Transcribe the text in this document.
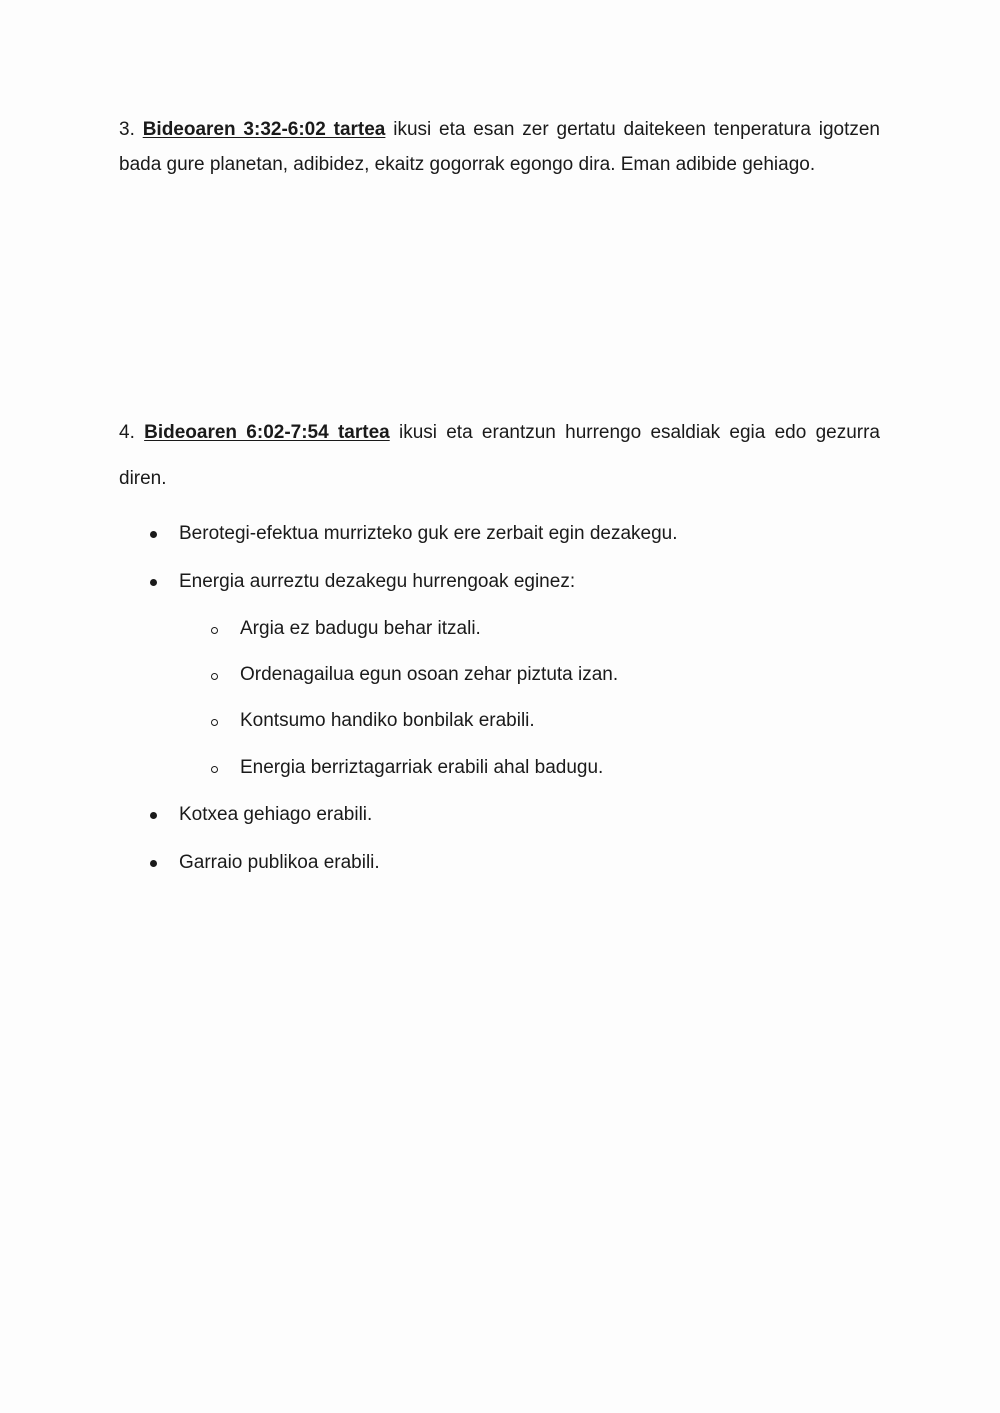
3. Bideoaren 3:32-6:02 tartea ikusi eta esan zer gertatu daitekeen tenperatura igotzen bada gure planetan, adibidez, ekaitz gogorrak egongo dira. Eman adibide gehiago.

4. Bideoaren 6:02-7:54 tartea ikusi eta erantzun hurrengo esaldiak egia edo gezurra diren.

Berotegi-efektua murrizteko guk ere zerbait egin dezakegu.
Energia aurreztu dezakegu hurrengoak eginez:
Argia ez badugu behar itzali.
Ordenagailua egun osoan zehar piztuta izan.
Kontsumo handiko bonbilak erabili.
Energia berriztagarriak erabili ahal badugu.
Kotxea gehiago erabili.
Garraio publikoa erabili.
